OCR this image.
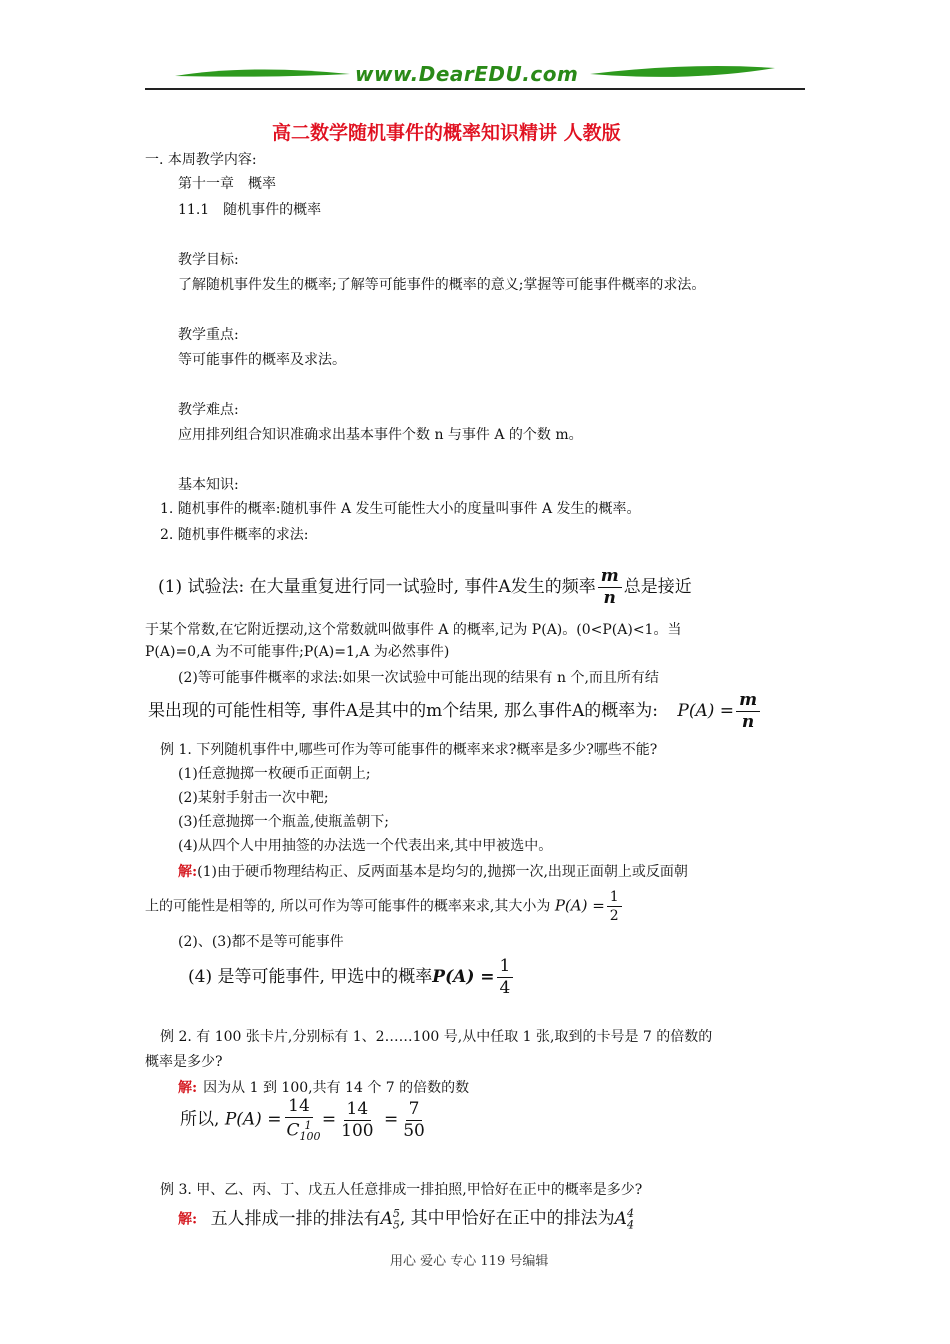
www.DearEDU.com
高二数学随机事件的概率知识精讲 人教版
一. 本周教学内容:
第十一章　概率
11.1　随机事件的概率
教学目标:
了解随机事件发生的概率;了解等可能事件的概率的意义;掌握等可能事件概率的求法。
教学重点:
等可能事件的概率及求法。
教学难点:
应用排列组合知识准确求出基本事件个数 n 与事件 A 的个数 m。
基本知识:
1. 随机事件的概率:随机事件 A 发生可能性大小的度量叫事件 A 发生的概率。
2. 随机事件概率的求法:
(1) 试验法: 在大量重复进行同一试验时, 事件A发生的频率 $\frac{m}{n}$ 总是接近
于某个常数,在它附近摆动,这个常数就叫做事件 A 的概率,记为 P(A)。(0<P(A)<1。当
P(A)=0,A 为不可能事件;P(A)=1,A 为必然事件)
(2)等可能事件概率的求法:如果一次试验中可能出现的结果有 n 个,而且所有结
果出现的可能性相等, 事件A是其中的m个结果, 那么事件A的概率为: $P(A) = \frac{m}{n}$
例 1. 下列随机事件中,哪些可作为等可能事件的概率来求?概率是多少?哪些不能?
(1)任意抛掷一枚硬币正面朝上;
(2)某射手射击一次中靶;
(3)任意抛掷一个瓶盖,使瓶盖朝下;
(4)从四个人中用抽签的办法选一个代表出来,其中甲被选中。
解:(1)由于硬币物理结构正、反两面基本是均匀的,抛掷一次,出现正面朝上或反面朝
上的可能性是相等的, 所以可作为等可能事件的概率来求,其大小为 $P(A) = \frac{1}{2}$
(2)、(3)都不是等可能事件
(4) 是等可能事件, 甲选中的概率$P(A) = \frac{1}{4}$
例 2. 有 100 张卡片,分别标有 1、2……100 号,从中任取 1 张,取到的卡号是 7 的倍数的
概率是多少?
解: 因为从 1 到 100,共有 14 个 7 的倍数的数
所以, $P(A) = \frac{14}{C_{100}^1} = \frac{14}{100} = \frac{7}{50}$
例 3. 甲、乙、丙、丁、戊五人任意排成一排拍照,甲恰好在正中的概率是多少?
解: 五人排成一排的排法有$A_5^5$, 其中甲恰好在正中的排法为$A_4^4$
用心 爱心 专心 119 号编辑
